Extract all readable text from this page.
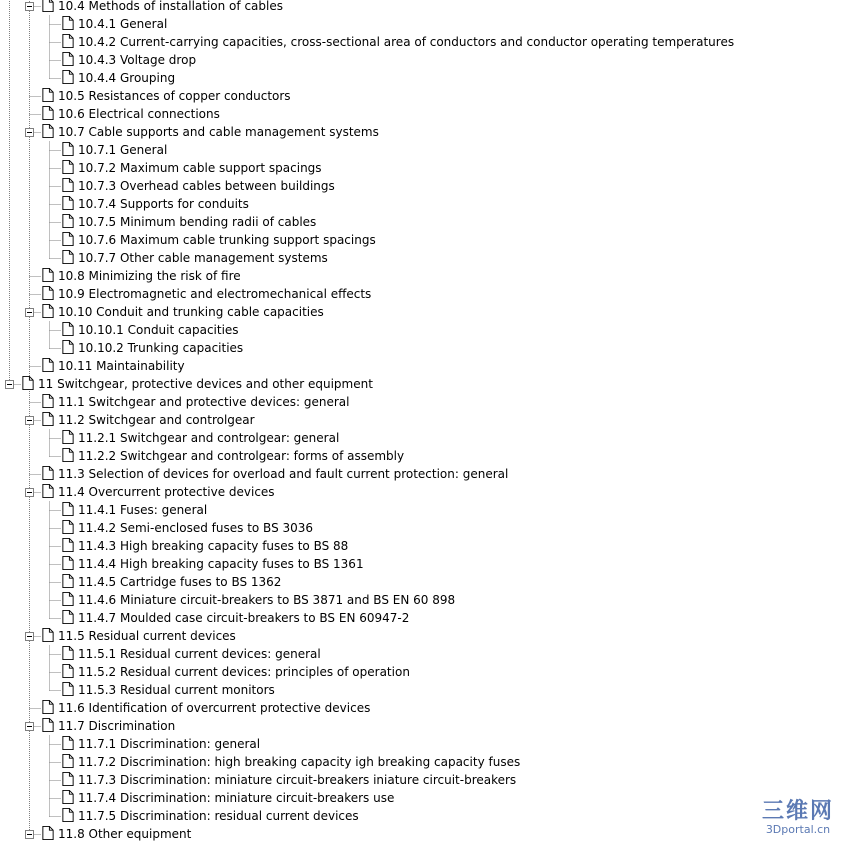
10.4 Methods of installation of cables
10.4.1 General
10.4.2 Current-carrying capacities, cross-sectional area of conductors and conductor operating temperatures
10.4.3 Voltage drop
10.4.4 Grouping
10.5 Resistances of copper conductors
10.6 Electrical connections
10.7 Cable supports and cable management systems
10.7.1 General
10.7.2 Maximum cable support spacings
10.7.3 Overhead cables between buildings
10.7.4 Supports for conduits
10.7.5 Minimum bending radii of cables
10.7.6 Maximum cable trunking support spacings
10.7.7 Other cable management systems
10.8 Minimizing the risk of fire
10.9 Electromagnetic and electromechanical effects
10.10 Conduit and trunking cable capacities
10.10.1 Conduit capacities
10.10.2 Trunking capacities
10.11 Maintainability
11 Switchgear, protective devices and other equipment
11.1 Switchgear and protective devices: general
11.2 Switchgear and controlgear
11.2.1 Switchgear and controlgear: general
11.2.2 Switchgear and controlgear: forms of assembly
11.3 Selection of devices for overload and fault current protection: general
11.4 Overcurrent protective devices
11.4.1 Fuses: general
11.4.2 Semi-enclosed fuses to BS 3036
11.4.3 High breaking capacity fuses to BS 88
11.4.4 High breaking capacity fuses to BS 1361
11.4.5 Cartridge fuses to BS 1362
11.4.6 Miniature circuit-breakers to BS 3871 and BS EN 60 898
11.4.7 Moulded case circuit-breakers to BS EN 60947-2
11.5 Residual current devices
11.5.1 Residual current devices: general
11.5.2 Residual current devices: principles of operation
11.5.3 Residual current monitors
11.6 Identification of overcurrent protective devices
11.7 Discrimination
11.7.1 Discrimination: general
11.7.2 Discrimination: high breaking capacity igh breaking capacity fuses
11.7.3 Discrimination: miniature circuit-breakers iniature circuit-breakers
11.7.4 Discrimination: miniature circuit-breakers use
11.7.5 Discrimination: residual current devices
11.8 Other equipment
三维网
3Dportal.cn
